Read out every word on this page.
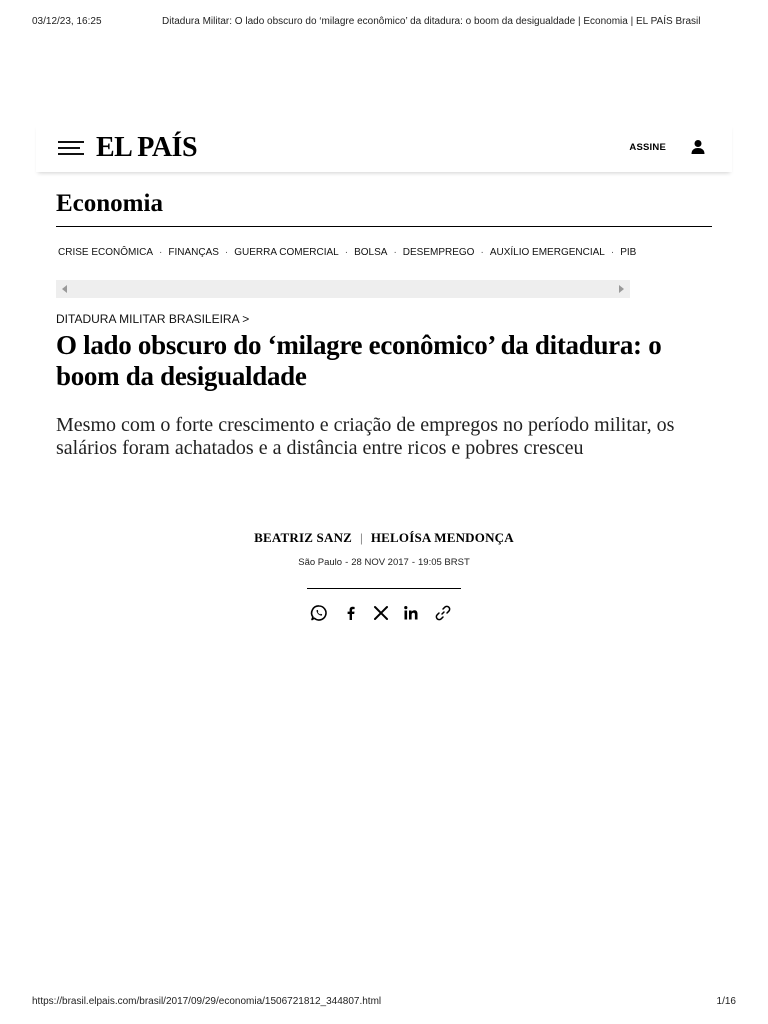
03/12/23, 16:25	Ditadura Militar: O lado obscuro do ‘milagre econômico’ da ditadura: o boom da desigualdade | Economia | EL PAÍS Brasil
EL PAÍS	ASSINE
Economia
CRISE ECONÔMICA · FINANÇAS · GUERRA COMERCIAL · BOLSA · DESEMPREGO · AUXÍLIO EMERGENCIAL · PIB
DITADURA MILITAR BRASILEIRA >
O lado obscuro do ‘milagre econômico’ da ditadura: o boom da desigualdade
Mesmo com o forte crescimento e criação de empregos no período militar, os salários foram achatados e a distância entre ricos e pobres cresceu
BEATRIZ SANZ | HELOÍSA MENDONÇA
São Paulo - 28 NOV 2017 - 19:05 BRST
https://brasil.elpais.com/brasil/2017/09/29/economia/1506721812_344807.html	1/16
